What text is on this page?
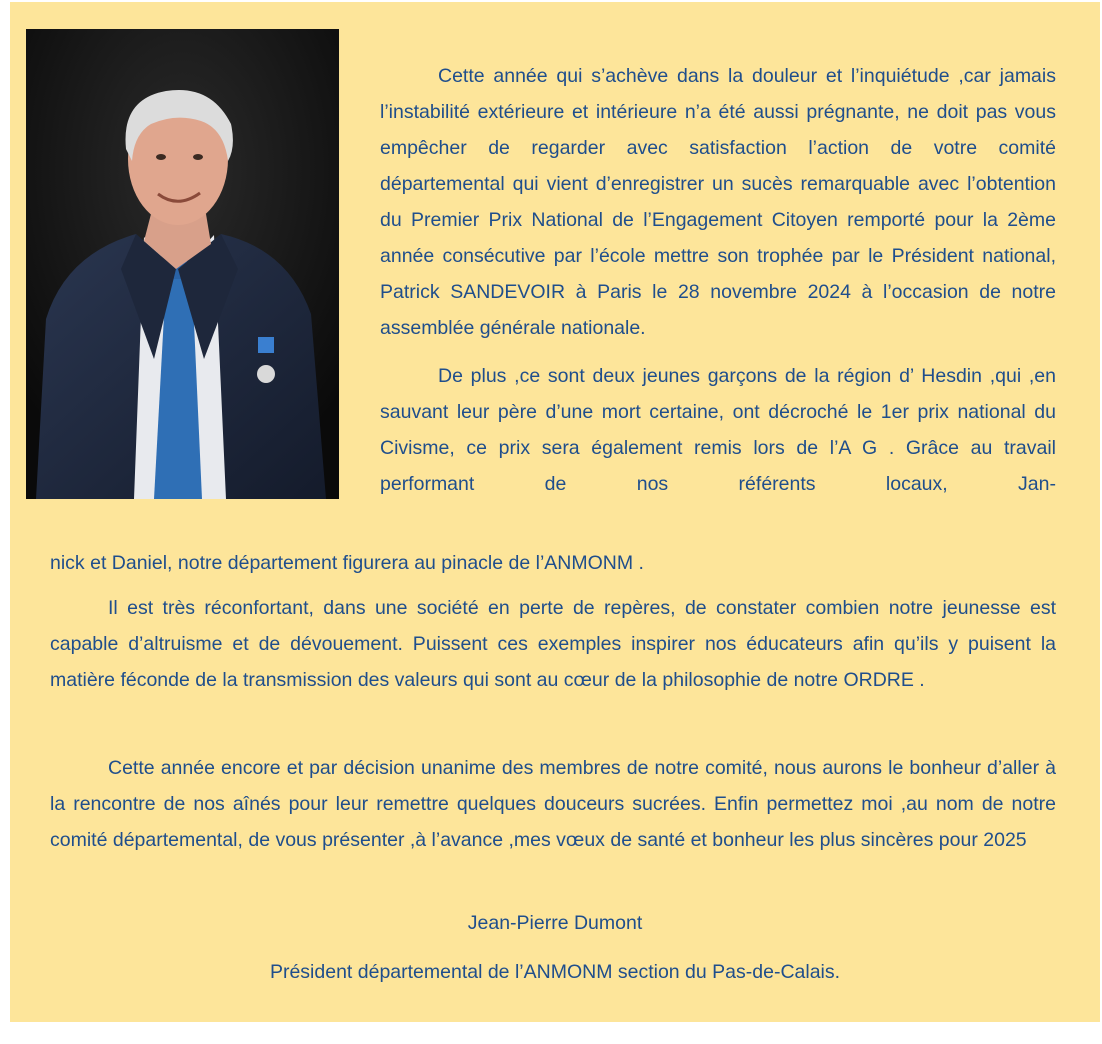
Cette année qui s’achève dans la douleur et l’inquiétude ,car jamais l’instabilité extérieure et intérieure n’a été aussi prégnante, ne doit pas vous empêcher de regarder avec satisfaction l’action de votre comité départemental qui vient d’enregistrer un sucès remarquable avec l’obtention du Premier Prix National de l’Engagement Citoyen remporté pour la 2ème année consécutive par l’école mettre son trophée par le Président national, Patrick SANDEVOIR à Paris le 28 novembre 2024 à l’occasion de notre assemblée générale nationale.

De plus ,ce sont deux jeunes garçons de la région d’ Hesdin ,qui ,en sauvant leur père d’une mort certaine, ont décroché le 1er prix national du Civisme, ce prix sera également remis lors de l’A G . Grâce au travail performant de nos référents locaux, Jan-

nick et Daniel, notre département figurera au pinacle de l’ANMONM .
Il est très réconfortant, dans une société en perte de repères, de constater combien notre jeunesse est capable d’altruisme et de dévouement. Puissent ces exemples inspirer nos éducateurs afin qu’ils y puisent la matière féconde de la transmission des valeurs qui sont au cœur de la philosophie de notre ORDRE .
Cette année encore et par décision unanime des membres de notre comité, nous aurons le bonheur d’aller à la rencontre de nos aînés pour leur remettre quelques douceurs sucrées. Enfin permettez moi ,au nom de notre comité départemental, de vous présenter ,à l’avance ,mes vœux de santé et bonheur les plus sincères pour 2025
Jean-Pierre Dumont
Président départemental de l’ANMONM section du Pas-de-Calais.
